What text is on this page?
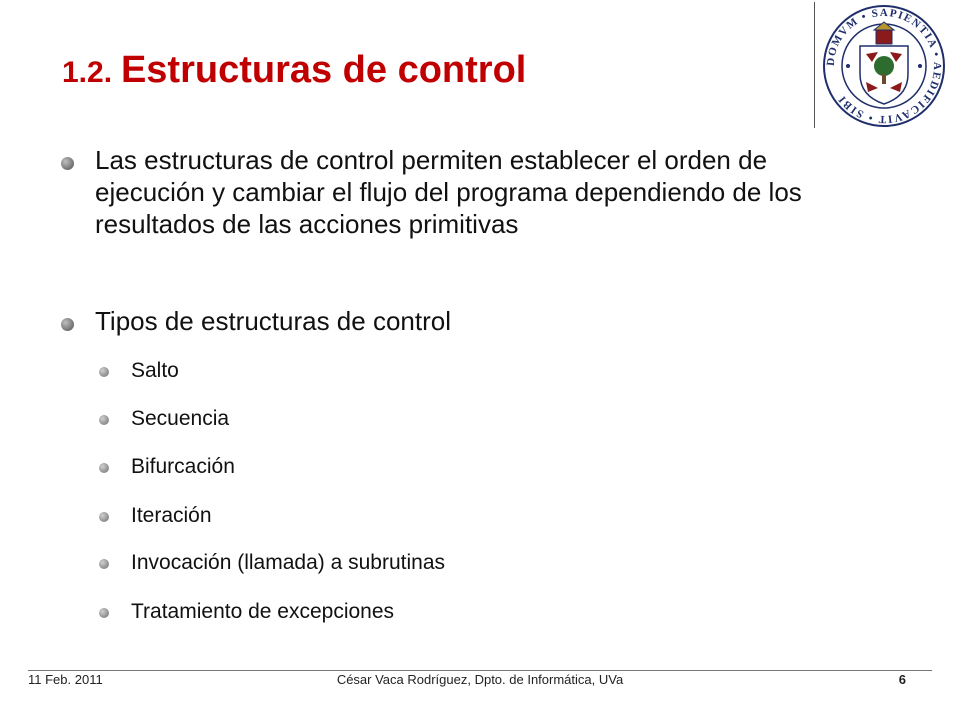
1.2. Estructuras de control	DOMVM • SAPIENTIA • AEDIFICAVIT • SIBI
Las estructuras de control permiten establecer el orden de ejecución y cambiar el flujo del programa dependiendo de los resultados de las acciones primitivas
Tipos de estructuras de control
Salto
Secuencia
Bifurcación
Iteración
Invocación (llamada) a subrutinas
Tratamiento de excepciones
11 Feb. 2011	César Vaca Rodríguez, Dpto. de Informática, UVa	6
